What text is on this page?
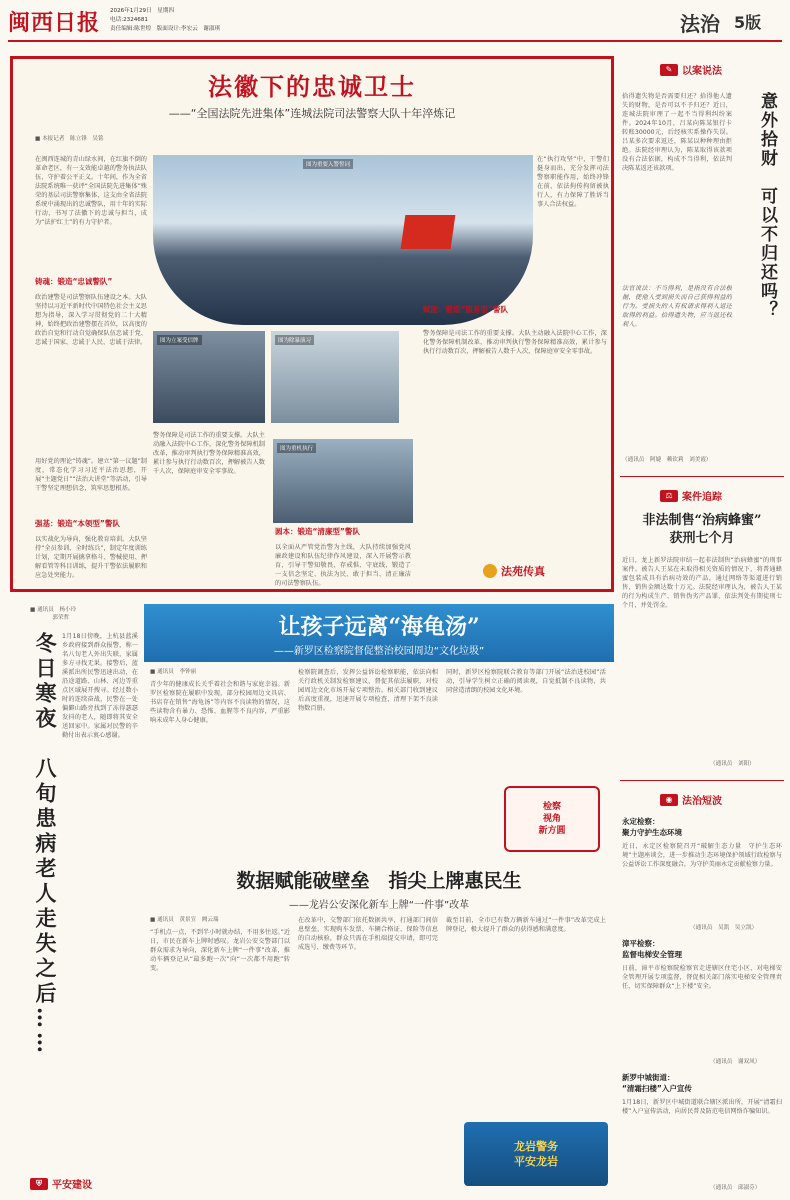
闽西日报 2026年1月29日　星期四
电话:2324681
责任编辑:陈世煌　版面设计:李宏云　谢淑琪	法治 5版
法徽下的忠诚卫士
——“全国法院先进集体”连城法院司法警察大队十年淬炼记
■ 本报记者　陈立锋　吴铭
图为重要入警誓词
图为立案受信牌	图为除暴演习
图为重机执行
在闽西连城的青山绿水间，在红旗不倒的革命老区，有一支效能卓越的警务执法队伍，守护着公平正义。十年间，作为全省法院系统唯一获评“全国法院先进集体”殊荣的基层司法警察集体，这支由全省法院系统中涌现出的忠诚警队，用十年的实际行动，书写了法徽下的忠诚与担当，成为“法护红土”的有力守护者。
铸魂：锻造“忠诚警队”
政治建警是司法警察队伍建设之本。大队坚持以习近平新时代中国特色社会主义思想为指导，深入学习贯彻党的二十大精神，始终把政治建警摆在首位，以高度的政治自觉和行动自觉确保队伍忠诚于党、忠诚于国家、忠诚于人民、忠诚于法律。
用好党的理论“铸魂”。建立“第一议题”制度，常态化学习习近平法治思想，开展“主题党日”“法治大讲堂”等活动，引导干警坚定理想信念，筑牢思想根基。
强基：锻造“本领型”警队
以实战化为导向，强化教育培训。大队坚持“全员参训、全时练兵”，制定年度训练计划，定期开展擒拿格斗、警械使用、押解看管等科目训练，提升干警依法履职和应急处突能力。
警务保障是司法工作的重要支撑。大队主动融入法院中心工作，深化警务保障机制改革，推动审判执行警务保障精准高效，累计参与执行行动数百次，押解被告人数千人次，保障庭审安全零事故。
圆本：锻造“清廉型”警队
以全面从严管党治警为主线，大队持续加强党风廉政建设和队伍纪律作风建设，深入开展警示教育，引导干警知敬畏、存戒惧、守底线，锻造了一支信念坚定、执法为民、敢于担当、清正廉洁的司法警察队伍。
在“执行攻坚”中，干警们挺身而出，充分发挥司法警察职能作用，始终冲锋在前，依法拘传拘留被执行人，有力保障了胜诉当事人合法权益。
赋能：锻造“服务型”警队
警务保障是司法工作的重要支撑。大队主动融入法院中心工作，深化警务保障机制改革，推动审判执行警务保障精准高效，累计参与执行行动数百次，押解被告人数千人次，保障庭审安全零事故。
法苑传真
✎ 以案说法
拾得遗失物是否需要归还？拾得他人遗失的财物，是否可以不予归还？近日，连城法院审理了一起不当得利纠纷案件。2024年10月，吕某向陈某银行卡转账30000元，后经核实系操作失误。吕某多次要求返还，陈某以种种理由拒绝。法院经审理认为，陈某取得该款项没有合法依据，构成不当得利，依法判决陈某返还该款项。	意外拾财　可以不归还吗？
法官说法：不当得利，是指没有合法根据，使他人受到损失而自己获得利益的行为。受损失的人有权请求得利人返还取得的利益。拾得遗失物，应当返还权利人。
（通讯员　阿婕　赖钦莉　刘美霞）
⚖ 案件追踪
非法制售“治病蜂蜜”
获刑七个月
近日，龙上新罗法院审结一起非法制售“治病蜂蜜”的刑事案件。被告人王某在未取得相关资质的情况下，将普通蜂蜜包装成具有治病功效的产品，通过网络等渠道进行销售，销售金额达数十万元。法院经审理认为，被告人王某的行为构成生产、销售伪劣产品罪，依法判处有期徒刑七个月，并处罚金。
（通讯员　刘阳）
◉ 法治短波
永定检察：
聚力守护生态环境
近日，永定区检察院召开“破解生态力量　守护生态环境”主题座谈会，进一步推动生态环境保护领域行政检察与公益诉讼工作深度融合，为守护美丽永定贡献检察力量。
（通讯员　吴凯　吴立凯）
漳平检察：
监督电梯安全管理
日前，漳平市检察院检察官走进辖区住宅小区，对电梯安全管理开展专项监督，督促相关部门落实电梯安全管理责任，切实保障群众“上下楼”安全。
（通讯员　谢双凤）
新罗中城街道：
“清霜扫楼”入户宣传
1月18日，新罗区中城街道联合辖区派出所，开展“清霜扫楼”入户宣传活动，向居民普及防范电信网络诈骗知识。
（通讯员　邱淑芬）
■ 通讯员　杨小玲
　　　　郭荣哲
冬日寒夜　八旬患病老人走失之后…… 1月18日傍晚，上杭县蓝溪乡政府接到群众报警，称一名八旬老人外出失联，家属多方寻找无果。接警后，蓝溪派出所民警迅速出动，在沿途道路、山林、河边等重点区域展开搜寻。经过数小时的连续奋战，民警在一处偏僻山路旁找到了冻得瑟瑟发抖的老人，随即将其安全送回家中。家属对民警的辛勤付出表示衷心感谢。
⛨	平安建设
让孩子远离“海龟汤”
——新罗区检察院督促整治校园周边“文化垃圾”
■ 通讯员　李钟丽
青少年的健康成长关乎着社会和谐与家庭幸福。新罗区检察院在履职中发现，部分校园周边文具店、书店存在销售“海龟汤”等内容不良读物的情况，这些读物含有暴力、恐怖、血腥等不良内容，严重影响未成年人身心健康。
检察院调查后，发挥公益诉讼检察职能，依法向相关行政机关制发检察建议，督促其依法履职，对校园周边文化市场开展专项整治。相关部门收到建议后高度重视，迅速开展专项检查，清理下架不良读物数百册。
同时，新罗区检察院联合教育等部门开展“法治进校园”活动，引导学生树立正确的阅读观，自觉抵制不良读物，共同营造清朗的校园文化环境。
检察
视角
新方圆
数据赋能破壁垒　指尖上牌惠民生
——龙岩公安深化新车上牌“一件事”改革
■ 通讯员　黄景宣　阙云瑞
“手机点一点，不到半小时就办结，不用多往返。”近日，市民在新车上牌时感叹。龙岩公安交警部门以群众需求为导向，深化新车上牌“一件事”改革，推动车辆登记从“最多跑一次”向“一次都不用跑”转变。
在改革中，交警部门依托数据共享，打通部门间信息壁垒，实现购车发票、车辆合格证、保险等信息的自动核验，群众只需在手机端提交申请，即可完成选号、缴费等环节。
截至目前，全市已有数万辆新车通过“一件事”改革完成上牌登记，极大提升了群众的获得感和满意度。
龙岩警务
平安龙岩
